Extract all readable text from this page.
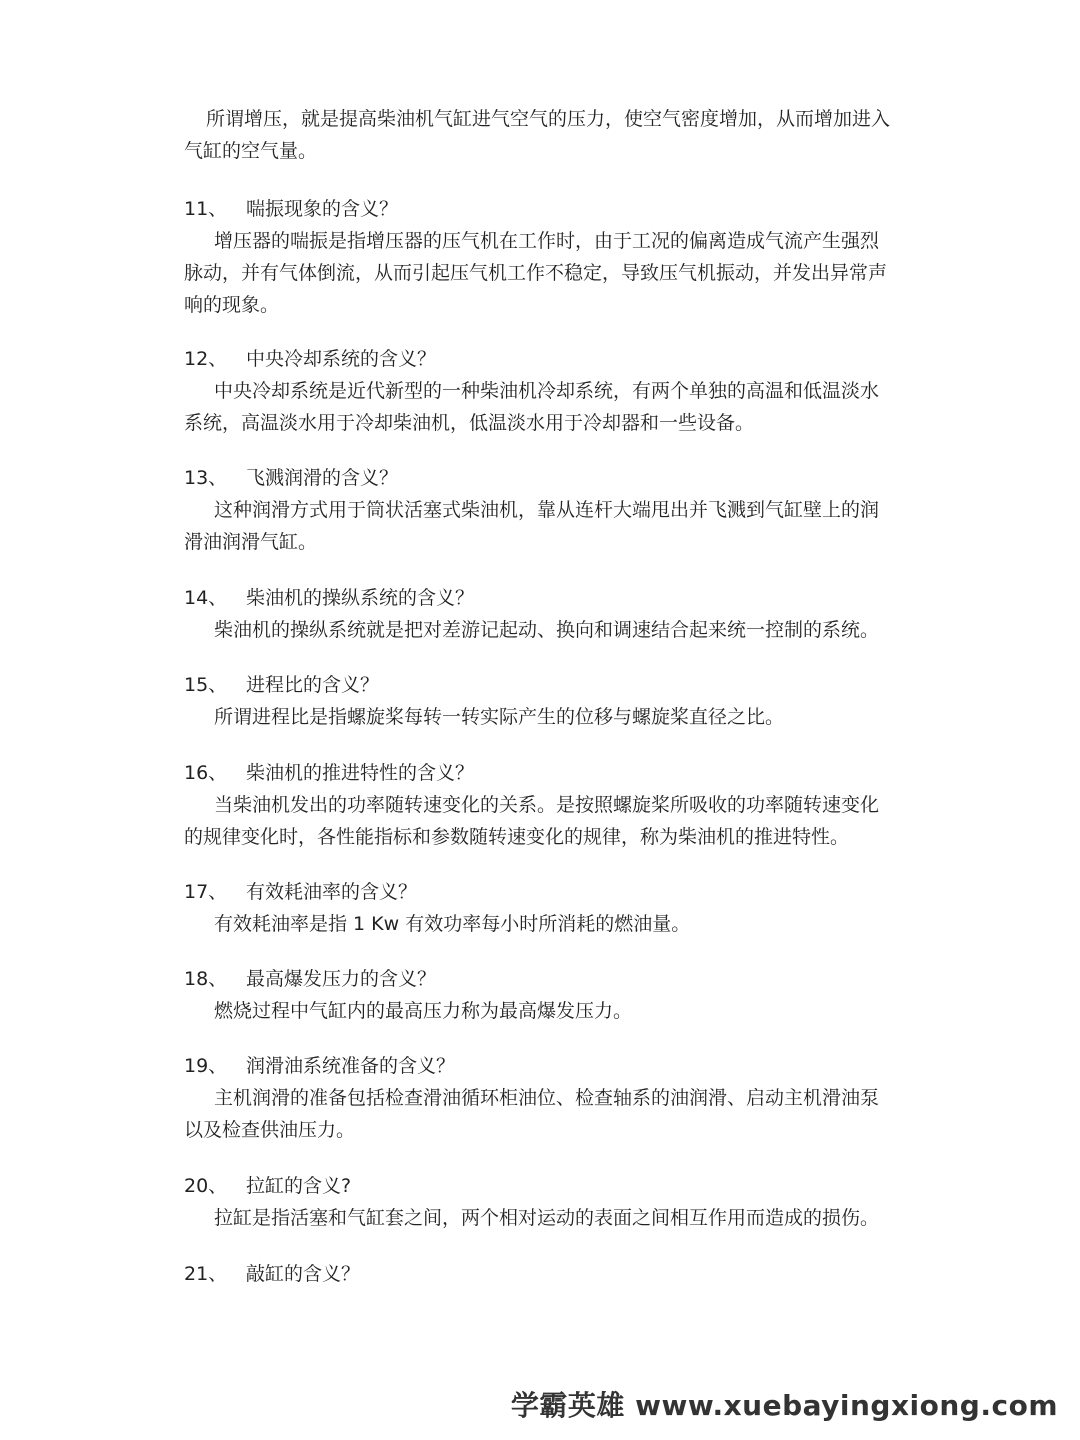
所谓增压，就是提高柴油机气缸进气空气的压力，使空气密度增加，从而增加进入气缸的空气量。
11、 喘振现象的含义？
增压器的喘振是指增压器的压气机在工作时，由于工况的偏离造成气流产生强烈脉动，并有气体倒流，从而引起压气机工作不稳定，导致压气机振动，并发出异常声响的现象。
12、 中央冷却系统的含义？
中央冷却系统是近代新型的一种柴油机冷却系统，有两个单独的高温和低温淡水系统，高温淡水用于冷却柴油机，低温淡水用于冷却器和一些设备。
13、 飞溅润滑的含义？
这种润滑方式用于筒状活塞式柴油机，靠从连杆大端甩出并飞溅到气缸壁上的润滑油润滑气缸。
14、 柴油机的操纵系统的含义？
柴油机的操纵系统就是把对差游记起动、换向和调速结合起来统一控制的系统。
15、 进程比的含义？
所谓进程比是指螺旋桨每转一转实际产生的位移与螺旋桨直径之比。
16、 柴油机的推进特性的含义？
当柴油机发出的功率随转速变化的关系。是按照螺旋桨所吸收的功率随转速变化的规律变化时，各性能指标和参数随转速变化的规律，称为柴油机的推进特性。
17、 有效耗油率的含义？
有效耗油率是指 1 Kw 有效功率每小时所消耗的燃油量。
18、 最高爆发压力的含义？
燃烧过程中气缸内的最高压力称为最高爆发压力。
19、 润滑油系统准备的含义？
主机润滑的准备包括检查滑油循环柜油位、检查轴系的油润滑、启动主机滑油泵以及检查供油压力。
20、 拉缸的含义?
拉缸是指活塞和气缸套之间，两个相对运动的表面之间相互作用而造成的损伤。
21、 敲缸的含义？
学霸英雄 www.xuebayingxiong.com
